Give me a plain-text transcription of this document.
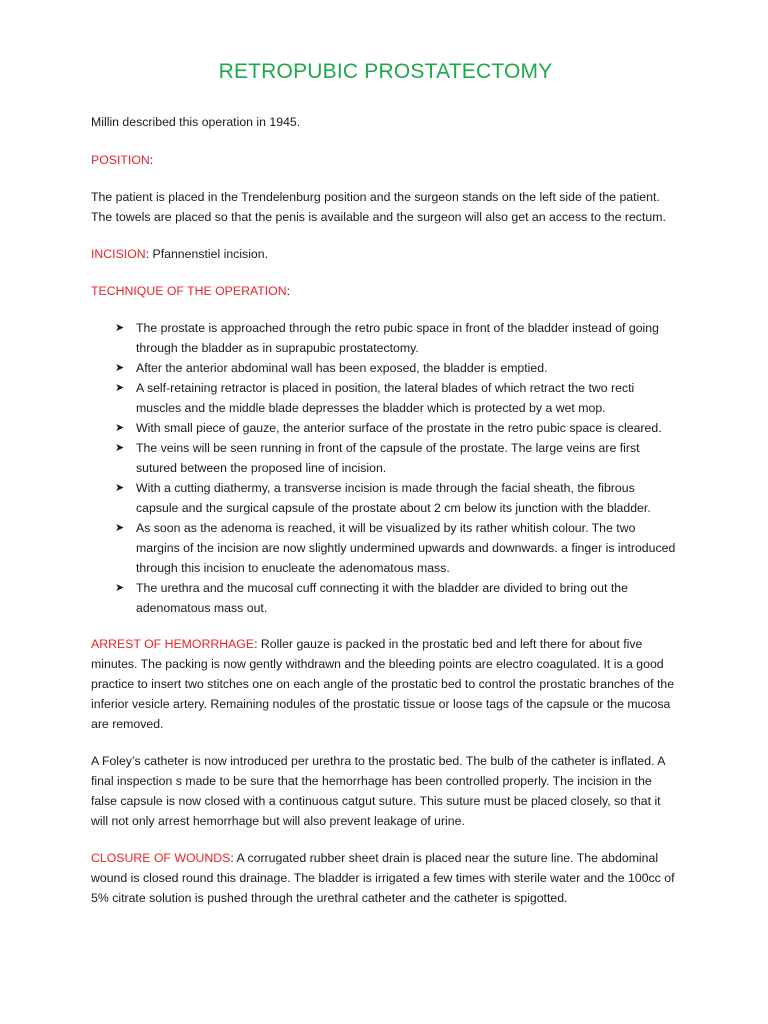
RETROPUBIC PROSTATECTOMY

Millin described this operation in 1945.

POSITION:

The patient is placed in the Trendelenburg position and the surgeon stands on the left side of the patient. The towels are placed so that the penis is available and the surgeon will also get an access to the rectum.

INCISION: Pfannenstiel incision.

TECHNIQUE OF THE OPERATION:

➤ The prostate is approached through the retro pubic space in front of the bladder instead of going through the bladder as in suprapubic prostatectomy.
➤ After the anterior abdominal wall has been exposed, the bladder is emptied.
➤ A self-retaining retractor is placed in position, the lateral blades of which retract the two recti muscles and the middle blade depresses the bladder which is protected by a wet mop.
➤ With small piece of gauze, the anterior surface of the prostate in the retro pubic space is cleared.
➤ The veins will be seen running in front of the capsule of the prostate. The large veins are first sutured between the proposed line of incision.
➤ With a cutting diathermy, a transverse incision is made through the facial sheath, the fibrous capsule and the surgical capsule of the prostate about 2 cm below its junction with the bladder.
➤ As soon as the adenoma is reached, it will be visualized by its rather whitish colour. The two margins of the incision are now slightly undermined upwards and downwards. a finger is introduced through this incision to enucleate the adenomatous mass.
➤ The urethra and the mucosal cuff connecting it with the bladder are divided to bring out the adenomatous mass out.

ARREST OF HEMORRHAGE: Roller gauze is packed in the prostatic bed and left there for about five minutes. The packing is now gently withdrawn and the bleeding points are electro coagulated. It is a good practice to insert two stitches one on each angle of the prostatic bed to control the prostatic branches of the inferior vesicle artery. Remaining nodules of the prostatic tissue or loose tags of the capsule or the mucosa are removed.

A Foley’s catheter is now introduced per urethra to the prostatic bed. The bulb of the catheter is inflated. A final inspection s made to be sure that the hemorrhage has been controlled properly. The incision in the false capsule is now closed with a continuous catgut suture. This suture must be placed closely, so that it will not only arrest hemorrhage but will also prevent leakage of urine.

CLOSURE OF WOUNDS: A corrugated rubber sheet drain is placed near the suture line. The abdominal wound is closed round this drainage. The bladder is irrigated a few times with sterile water and the 100cc of 5% citrate solution is pushed through the urethral catheter and the catheter is spigotted.
